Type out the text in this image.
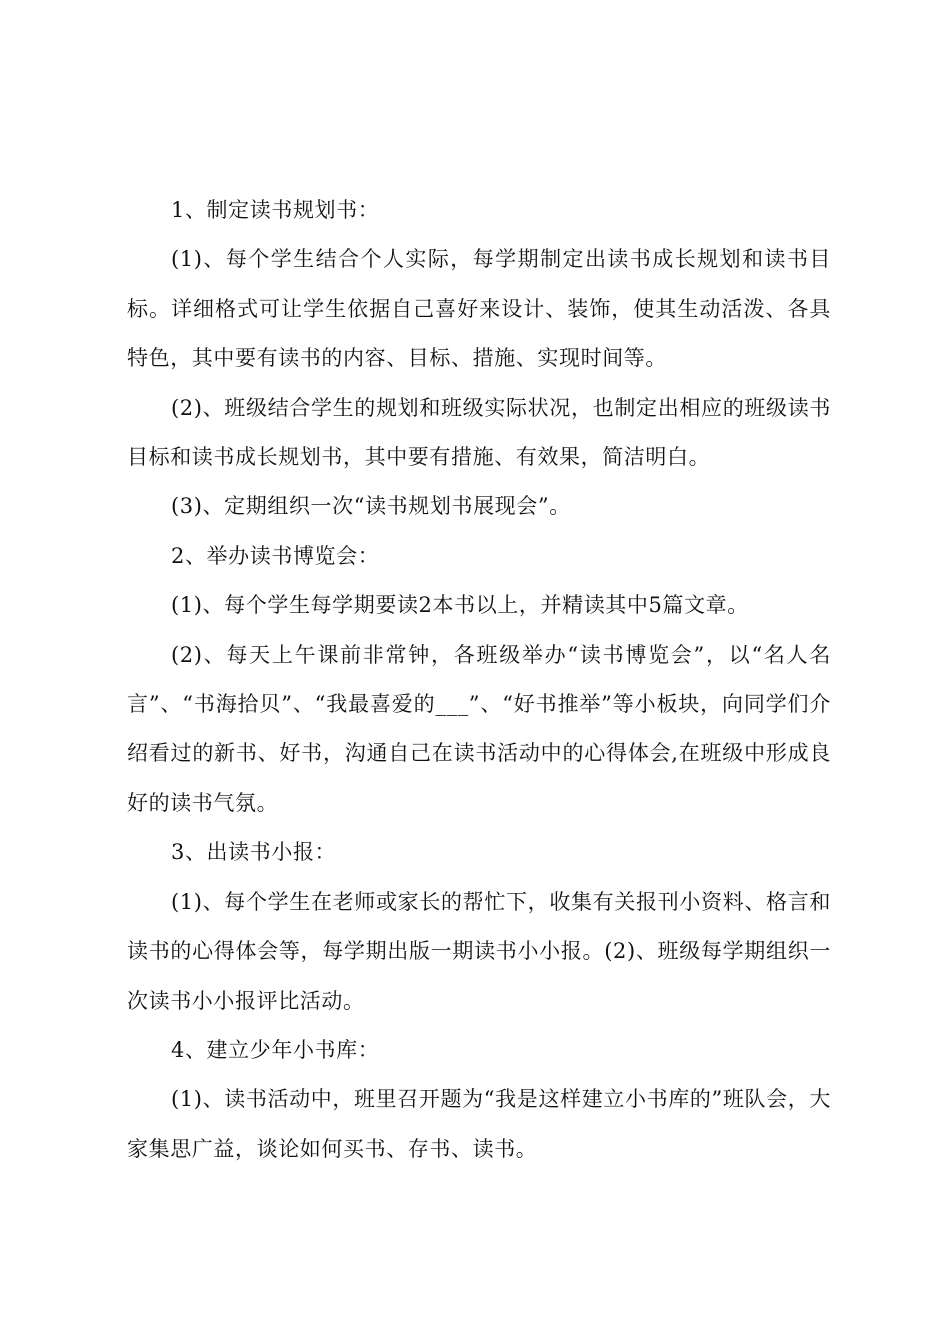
1、制定读书规划书：

(1)、每个学生结合个人实际，每学期制定出读书成长规划和读书目标。详细格式可让学生依据自己喜好来设计、装饰，使其生动活泼、各具特色，其中要有读书的内容、目标、措施、实现时间等。

(2)、班级结合学生的规划和班级实际状况，也制定出相应的班级读书目标和读书成长规划书，其中要有措施、有效果，简洁明白。

(3)、定期组织一次“读书规划书展现会”。

2、举办读书博览会：

(1)、每个学生每学期要读2本书以上，并精读其中5篇文章。

(2)、每天上午课前非常钟，各班级举办“读书博览会”，以“名人名言”、“书海拾贝”、“我最喜爱的___”、“好书推举”等小板块，向同学们介绍看过的新书、好书，沟通自己在读书活动中的心得体会,在班级中形成良好的读书气氛。

3、出读书小报：

(1)、每个学生在老师或家长的帮忙下，收集有关报刊小资料、格言和读书的心得体会等，每学期出版一期读书小小报。(2)、班级每学期组织一次读书小小报评比活动。

4、建立少年小书库：

(1)、读书活动中，班里召开题为“我是这样建立小书库的”班队会，大家集思广益，谈论如何买书、存书、读书。
